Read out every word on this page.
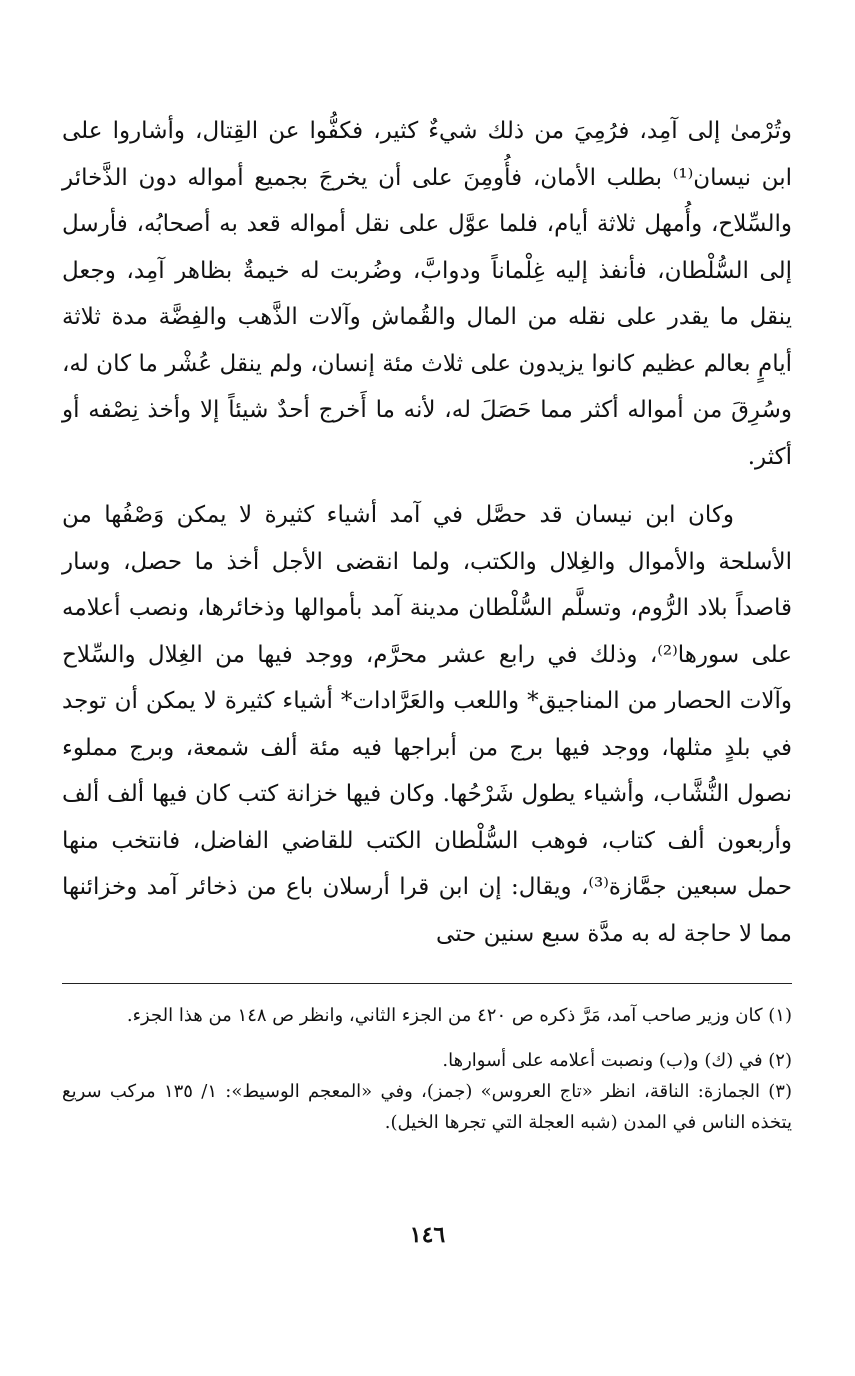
وتُرْمىٰ إلى آمِد، فرُمِيَ من ذلك شيءٌ كثير، فكفُّوا عن القِتال، وأشاروا على ابن نيسان⁽¹⁾ بطلب الأمان، فأُومِنَ على أن يخرجَ بجميع أمواله دون الذَّخائر والسِّلاح، وأُمهل ثلاثة أيام، فلما عوَّل على نقل أمواله قعد به أصحابُه، فأرسل إلى السُّلْطان، فأنفذ إليه غِلْماناً ودوابَّ، وضُربت له خيمةٌ بظاهر آمِد، وجعل ينقل ما يقدر على نقله من المال والقُماش وآلات الذَّهب والفِضَّة مدة ثلاثة أيامٍ بعالم عظيم كانوا يزيدون على ثلاث مئة إنسان، ولم ينقل عُشْر ما كان له، وسُرِقَ من أمواله أكثر مما حَصَلَ له، لأنه ما أَخرج أحدٌ شيئاً إلا وأخذ نِصْفه أو أكثر.

وكان ابن نيسان قد حصَّل في آمد أشياء كثيرة لا يمكن وَصْفُها من الأسلحة والأموال والغِلال والكتب، ولما انقضى الأجل أخذ ما حصل، وسار قاصداً بلاد الرُّوم، وتسلَّم السُّلْطان مدينة آمد بأموالها وذخائرها، ونصب أعلامه على سورها⁽²⁾، وذلك في رابع عشر محرَّم، ووجد فيها من الغِلال والسِّلاح وآلات الحصار من المناجيق* واللعب والعَرَّادات* أشياء كثيرة لا يمكن أن توجد في بلدٍ مثلها، ووجد فيها برج من أبراجها فيه مئة ألف شمعة، وبرج مملوء نصول النُّشَّاب، وأشياء يطول شَرْحُها. وكان فيها خزانة كتب كان فيها ألف ألف وأربعون ألف كتاب، فوهب السُّلْطان الكتب للقاضي الفاضل، فانتخب منها حمل سبعين جمَّازة⁽³⁾، ويقال: إن ابن قرا أرسلان باع من ذخائر آمد وخزائنها مما لا حاجة له به مدَّة سبع سنين حتى

(١) كان وزير صاحب آمد، مَرَّ ذكره ص ٤٢٠ من الجزء الثاني، وانظر ص ١٤٨ من هذا الجزء.

(٢) في (ك) و(ب) ونصبت أعلامه على أسوارها.

(٣) الجمازة: الناقة، انظر «تاج العروس» (جمز)، وفي «المعجم الوسيط»: ١/ ١٣٥ مركب سريع يتخذه الناس في المدن (شبه العجلة التي تجرها الخيل).

١٤٦
